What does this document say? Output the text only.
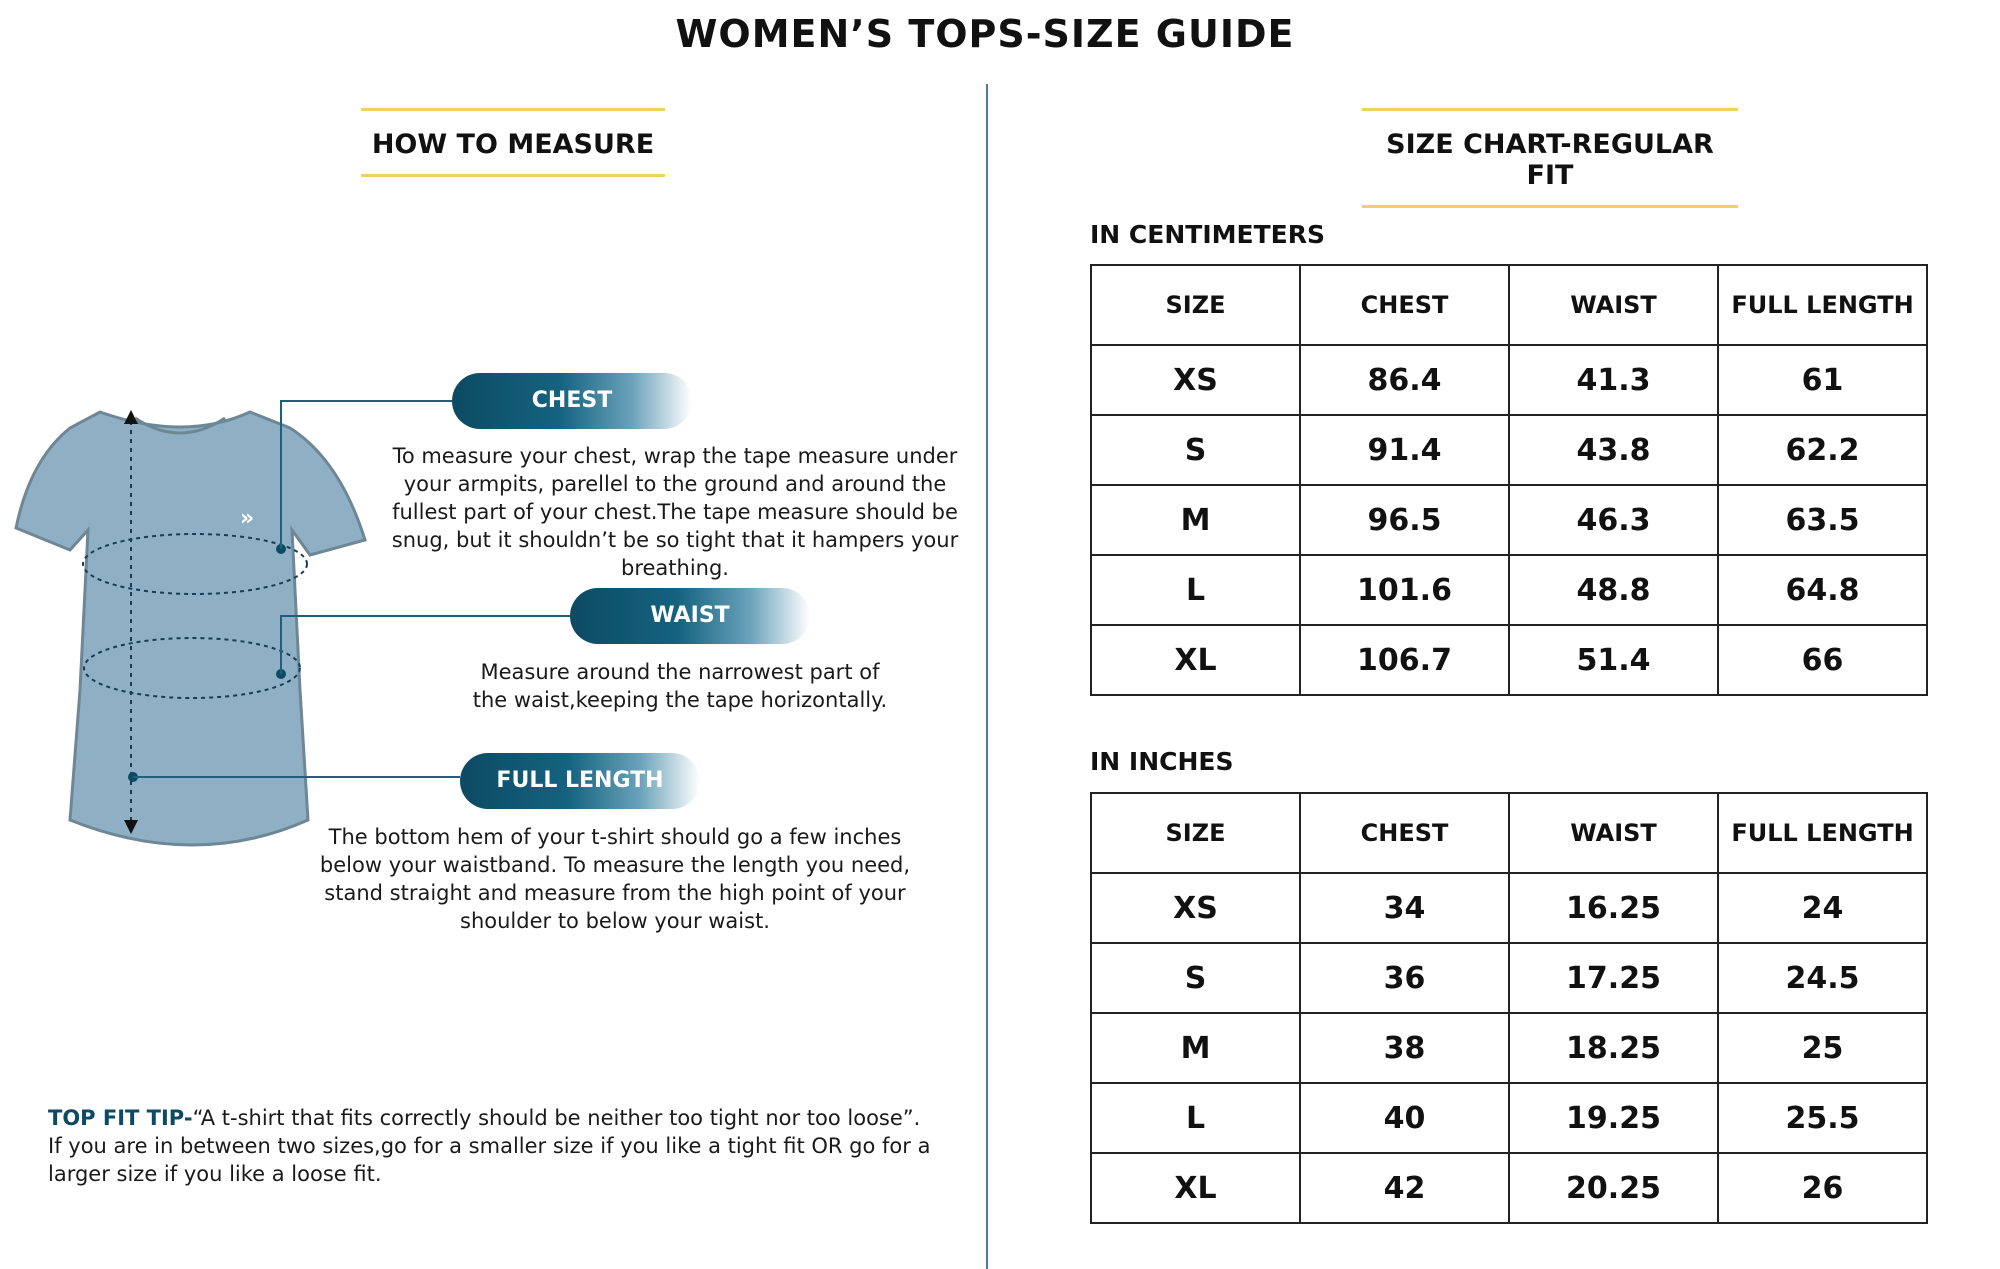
WOMEN’S TOPS-SIZE GUIDE
HOW TO MEASURE
»
CHEST
To measure your chest, wrap the tape measure under your armpits, parellel to the ground and around the fullest part of your chest.The tape measure should be snug, but it shouldn’t be so tight that it hampers your breathing.
WAIST
Measure around the narrowest part of the waist,keeping the tape horizontally.
FULL LENGTH
The bottom hem of your t-shirt should go a few inches below your waistband. To measure the length you need, stand straight and measure from the high point of your shoulder to below your waist.
TOP FIT TIP-“A t-shirt that fits correctly should be neither too tight nor too loose”.
If you are in between two sizes,go for a smaller size if you like a tight fit OR go for a larger size if you like a loose fit.
SIZE CHART-REGULAR FIT
IN CENTIMETERS
SIZE	CHEST	WAIST	FULL LENGTH
XS	86.4	41.3	61
S	91.4	43.8	62.2
M	96.5	46.3	63.5
L	101.6	48.8	64.8
XL	106.7	51.4	66
IN INCHES
SIZE	CHEST	WAIST	FULL LENGTH
XS	34	16.25	24
S	36	17.25	24.5
M	38	18.25	25
L	40	19.25	25.5
XL	42	20.25	26
